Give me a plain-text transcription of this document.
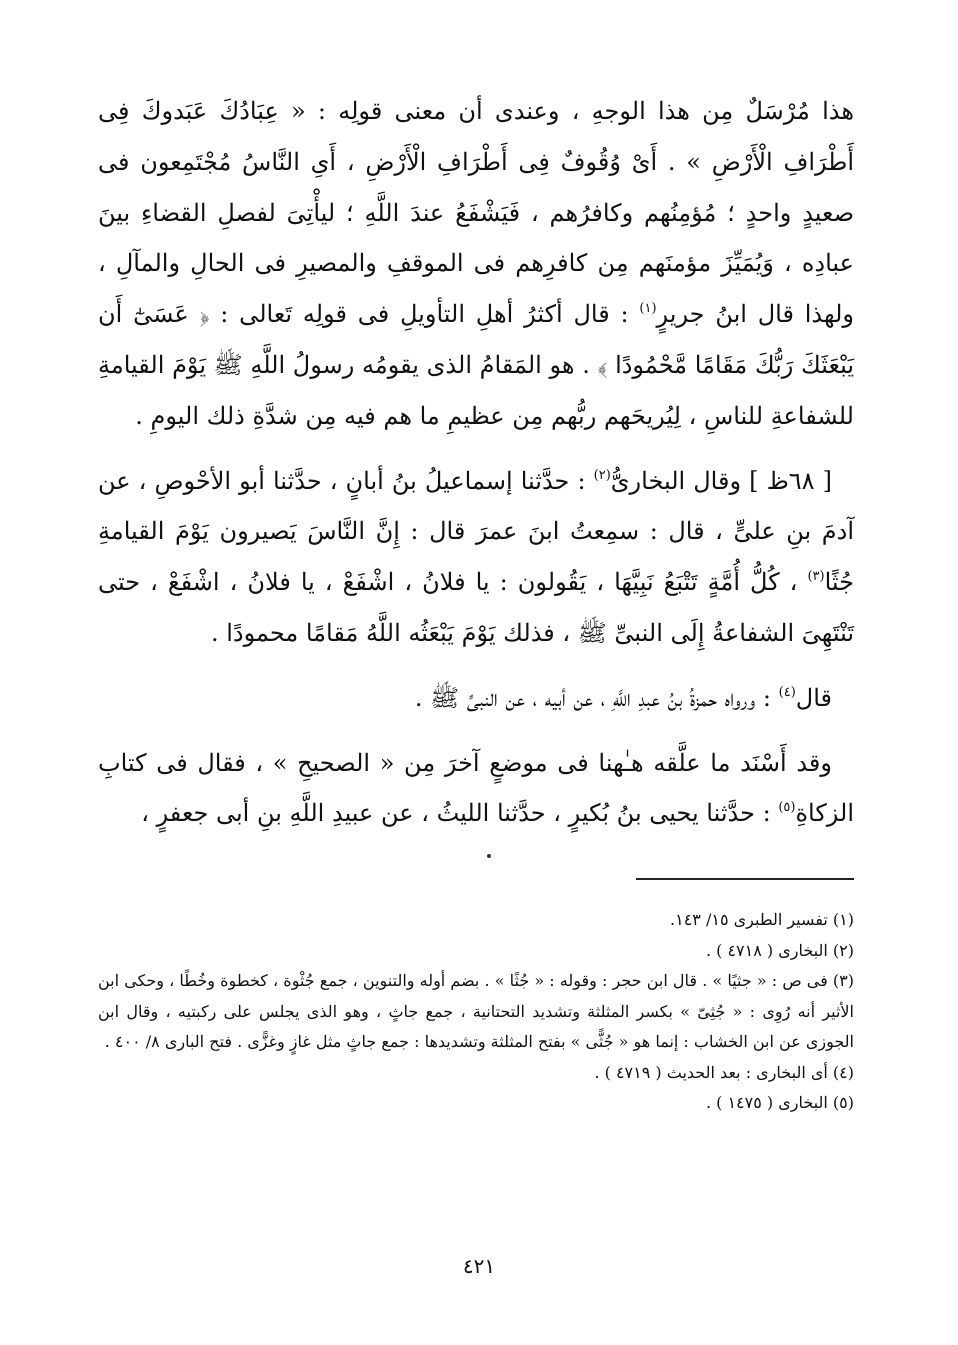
هذا مُرْسَلٌ مِن هذا الوجهِ ، وعندى أن معنى قولِه : « عِبَادُكَ عَبَدوكَ فِى أَطْرَافِ الْأَرْضِ » . أَىْ وُقُوفٌ فِى أَطْرَافِ الْأَرْضِ ، أَىِ النَّاسُ مُجْتَمِعون فى صعيدٍ واحدٍ ؛ مُؤمِنُهم وكافرُهم ، فَيَشْفَعُ عندَ اللَّهِ ؛ ليأْتِىَ لفصلِ القضاءِ بينَ عبادِه ، وَيُمَيِّزَ مؤمنَهم مِن كافرِهم فى الموقفِ والمصيرِ فى الحالِ والمآلِ ، ولهذا قال ابنُ جريرٍ$^{(١)}$ : قال أكثرُ أهلِ التأويلِ فى قولِه تَعالى : ﴿ عَسَىٰٓ أَن يَبْعَثَكَ رَبُّكَ مَقَامًا مَّحْمُودًا ﴾ . هو المَقامُ الذى يقومُه رسولُ اللَّهِ ﷺ يَوْمَ القيامةِ للشفاعةِ للناسِ ، لِيُريحَهم ربُّهم مِن عظيمِ ما هم فيه مِن شدَّةِ ذلك اليومِ .

[ ٦٨ظ ] وقال البخارىُّ$^{(٢)}$ : حدَّثنا إسماعيلُ بنُ أبانٍ ، حدَّثنا أبو الأحْوصِ ، عن آدمَ بنِ علىٍّ ، قال : سمِعتُ ابنَ عمرَ قال : إِنَّ النَّاسَ يَصيرون يَوْمَ القيامةِ جُثًا$^{(٣)}$ ، كُلُّ أُمَّةٍ تَتْبَعُ نَبِيَّهَا ، يَقُولون : يا فلانُ ، اشْفَعْ ، يا فلانُ ، اشْفَعْ ، حتى تَنْتَهِىَ الشفاعةُ إِلَى النبىِّ ﷺ ، فذلك يَوْمَ يَبْعَثُه اللَّهُ مَقامًا محمودًا .

قال$^{(٤)}$ : ورواه حمزةُ بنُ عبدِ اللَّهِ ، عن أبيه ، عن النبىِّ ﷺ .

وقد أَسْنَد ما علَّقه هـٰهنا فى موضعٍ آخرَ مِن « الصحيحِ » ، فقال فى كتابِ الزكاةِ$^{(٥)}$ : حدَّثنا يحيى بنُ بُكيرٍ ، حدَّثنا الليثُ ، عن عبيدِ اللَّهِ بنِ أبى جعفرٍ ،

(١) تفسير الطبرى ١٥/ ١٤٣.

(٢) البخارى ( ٤٧١٨ ) .

(٣) فى ص : « جثيًا » . قال ابن حجر : وقوله : « جُثًا » . بضم أوله والتنوين ، جمع جُثْوة ، كخطوة وخُطًا ، وحكى ابن الأثير أنه رُوِى : « جُثِىّ » بكسر المثلثة وتشديد التحتانية ، جمع جاثٍ ، وهو الذى يجلس على ركبتيه ، وقال ابن الجوزى عن ابن الخشاب : إنما هو « جُثًّى » بفتح المثلثة وتشديدها : جمع جاثٍ مثل غازٍ وغزًّى . فتح البارى ٨/ ٤٠٠ .

(٤) أى البخارى : بعد الحديث ( ٤٧١٩ ) .

(٥) البخارى ( ١٤٧٥ ) .

٤٢١
